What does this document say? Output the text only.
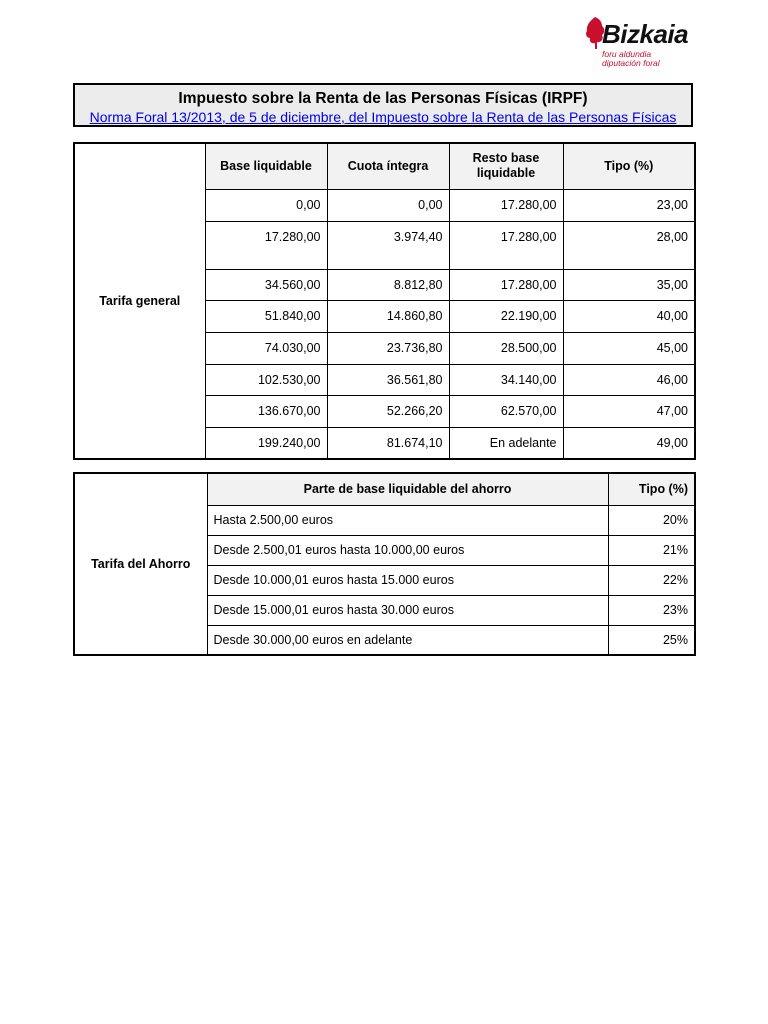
Bizkaia
foru aldundia
diputación foral
Impuesto sobre la Renta de las Personas Físicas (IRPF)
Norma Foral 13/2013, de 5 de diciembre, del Impuesto sobre la Renta de las Personas Físicas
Tarifa general	Base liquidable	Cuota íntegra	Resto base liquidable	Tipo (%)
	0,00	0,00	17.280,00	23,00
	17.280,00	3.974,40	17.280,00	28,00
	34.560,00	8.812,80	17.280,00	35,00
	51.840,00	14.860,80	22.190,00	40,00
	74.030,00	23.736,80	28.500,00	45,00
	102.530,00	36.561,80	34.140,00	46,00
	136.670,00	52.266,20	62.570,00	47,00
	199.240,00	81.674,10	En adelante	49,00
Tarifa del Ahorro	Parte de base liquidable del ahorro	Tipo (%)
	Hasta 2.500,00 euros	20%
	Desde 2.500,01 euros hasta 10.000,00 euros	21%
	Desde 10.000,01 euros hasta 15.000 euros	22%
	Desde 15.000,01 euros hasta 30.000 euros	23%
	Desde 30.000,00 euros en adelante	25%
